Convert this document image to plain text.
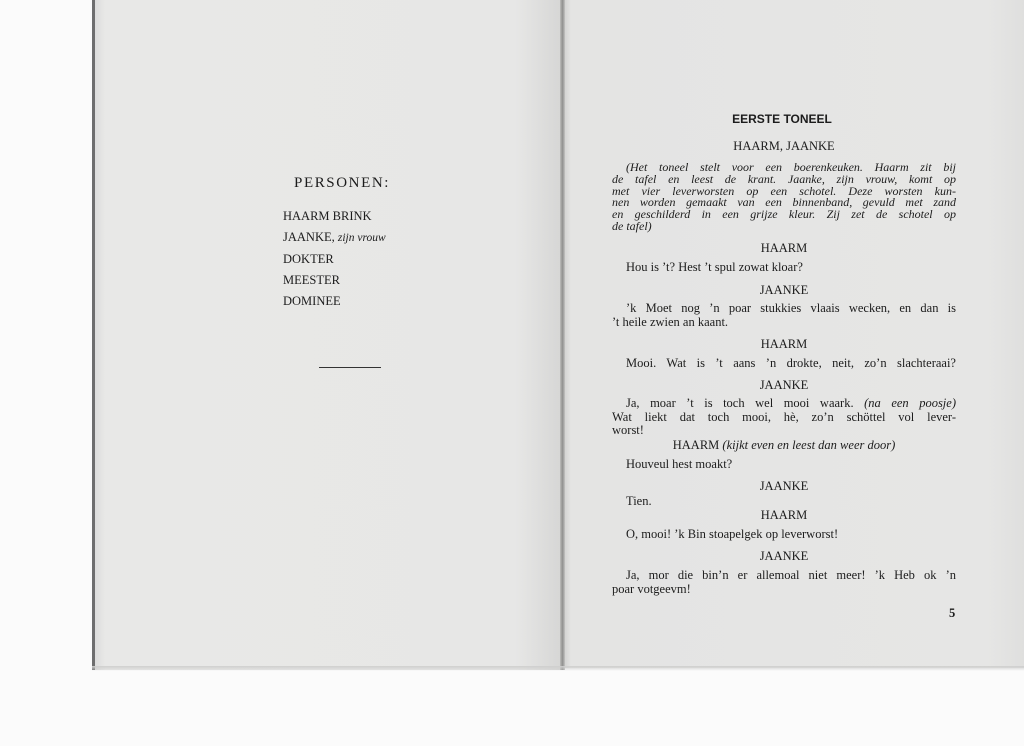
PERSONEN:
HAARM BRINK
JAANKE, zijn vrouw
DOKTER
MEESTER
DOMINEE
EERSTE TONEEL
HAARM, JAANKE
(Het toneel stelt voor een boerenkeuken. Haarm zit bij
de tafel en leest de krant. Jaanke, zijn vrouw, komt op
met vier leverworsten op een schotel. Deze worsten kun-
nen worden gemaakt van een binnenband, gevuld met zand
en geschilderd in een grijze kleur. Zij zet de schotel op
de tafel)
HAARM
Hou is ’t? Hest ’t spul zowat kloar?
JAANKE
’k Moet nog ’n poar stukkies vlaais wecken, en dan is
’t heile zwien an kaant.
HAARM
Mooi. Wat is ’t aans ’n drokte, neit, zo’n slachteraai?
JAANKE
Ja, moar ’t is toch wel mooi waark. (na een poosje)
Wat liekt dat toch mooi, hè, zo’n schöttel vol lever-
worst!
HAARM (kijkt even en leest dan weer door)
Houveul hest moakt?
JAANKE
Tien.
HAARM
O, mooi! ’k Bin stoapelgek op leverworst!
JAANKE
Ja, mor die bin’n er allemoal niet meer! ’k Heb ok ’n
poar votgeevm!
5
